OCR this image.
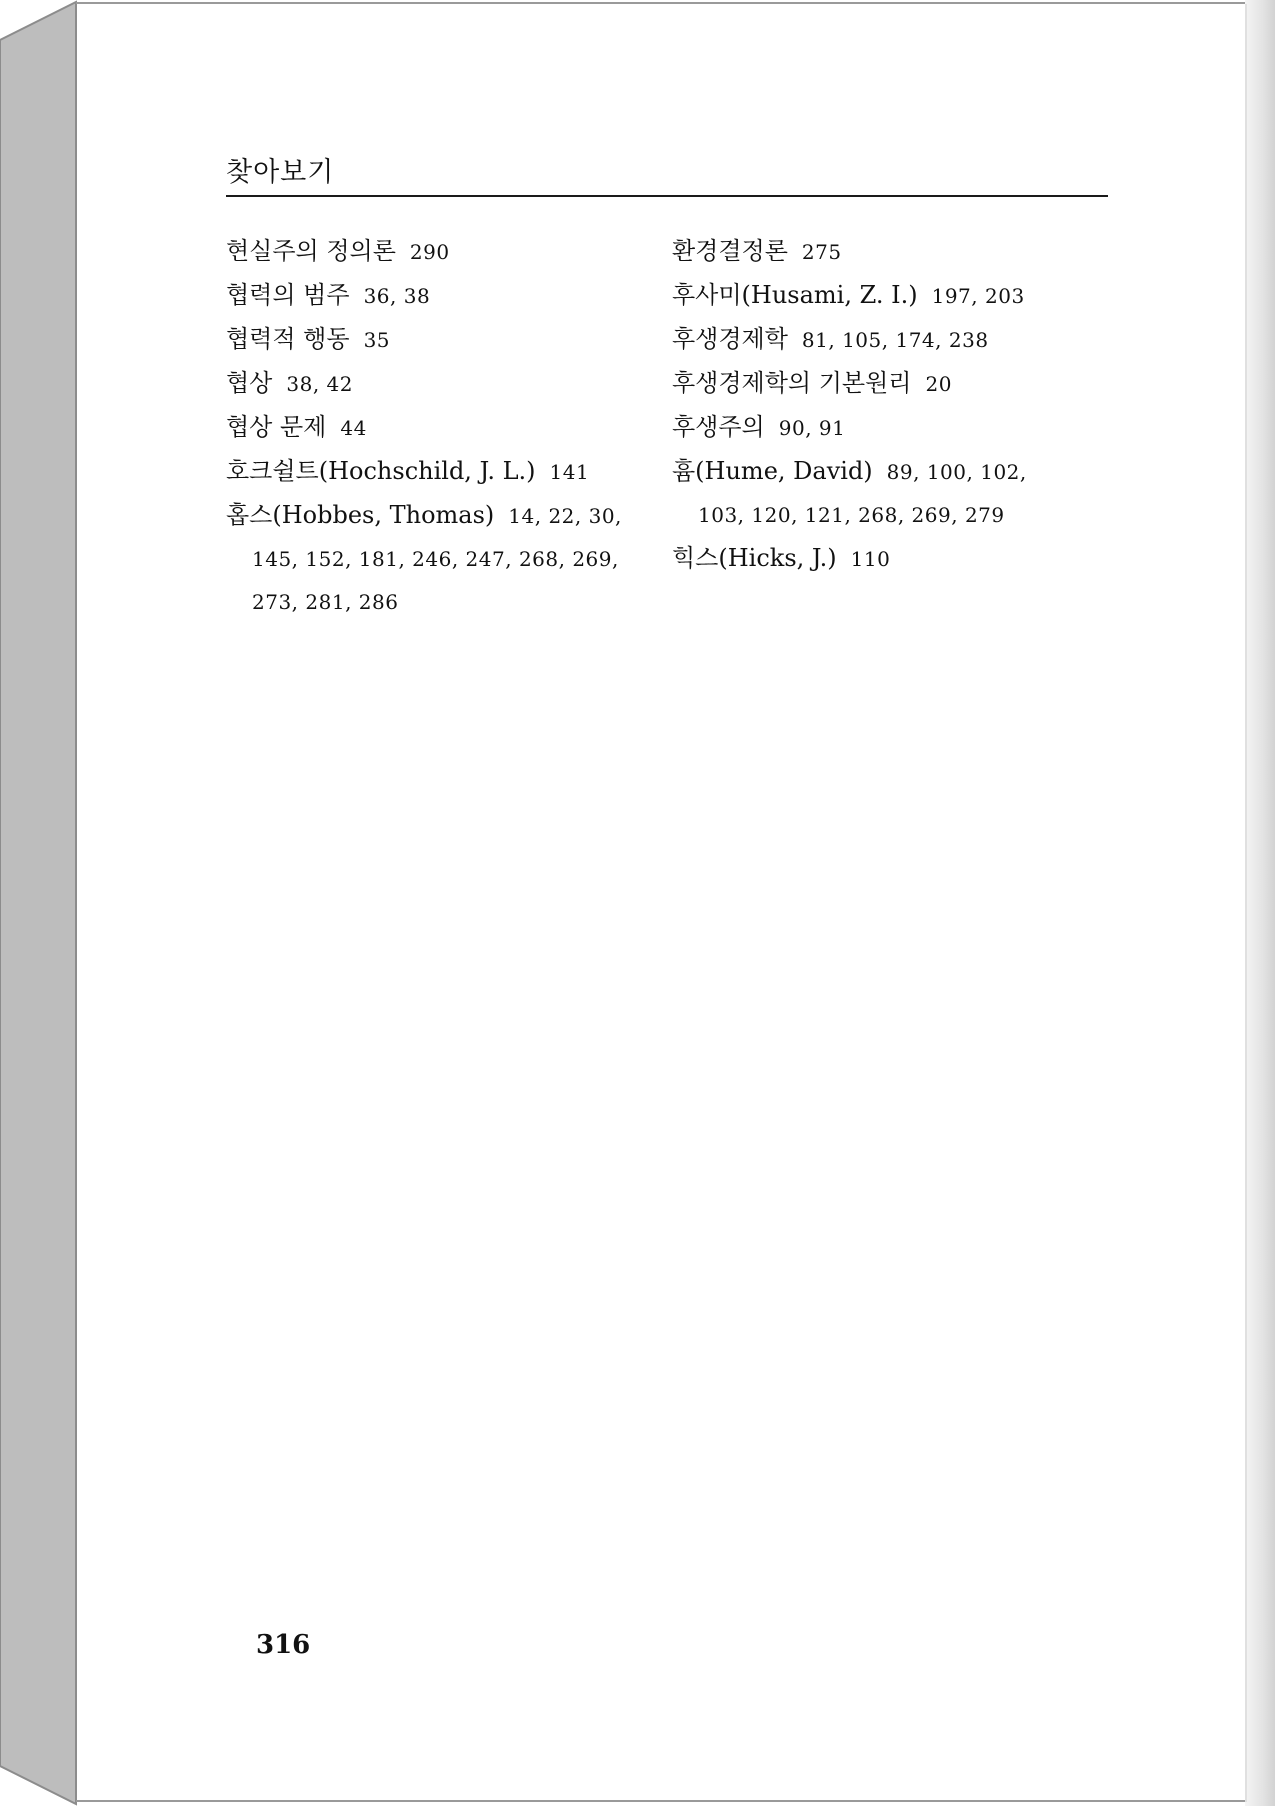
찾아보기
현실주의 정의론 290
협력의 범주 36, 38
협력적 행동 35
협상 38, 42
협상 문제 44
호크쉴트(Hochschild, J. L.) 141
홉스(Hobbes, Thomas) 14, 22, 30,
145, 152, 181, 246, 247, 268, 269,
273, 281, 286
환경결정론 275
후사미(Husami, Z. I.) 197, 203
후생경제학 81, 105, 174, 238
후생경제학의 기본원리 20
후생주의 90, 91
흄(Hume, David) 89, 100, 102,
103, 120, 121, 268, 269, 279
힉스(Hicks, J.) 110
316
